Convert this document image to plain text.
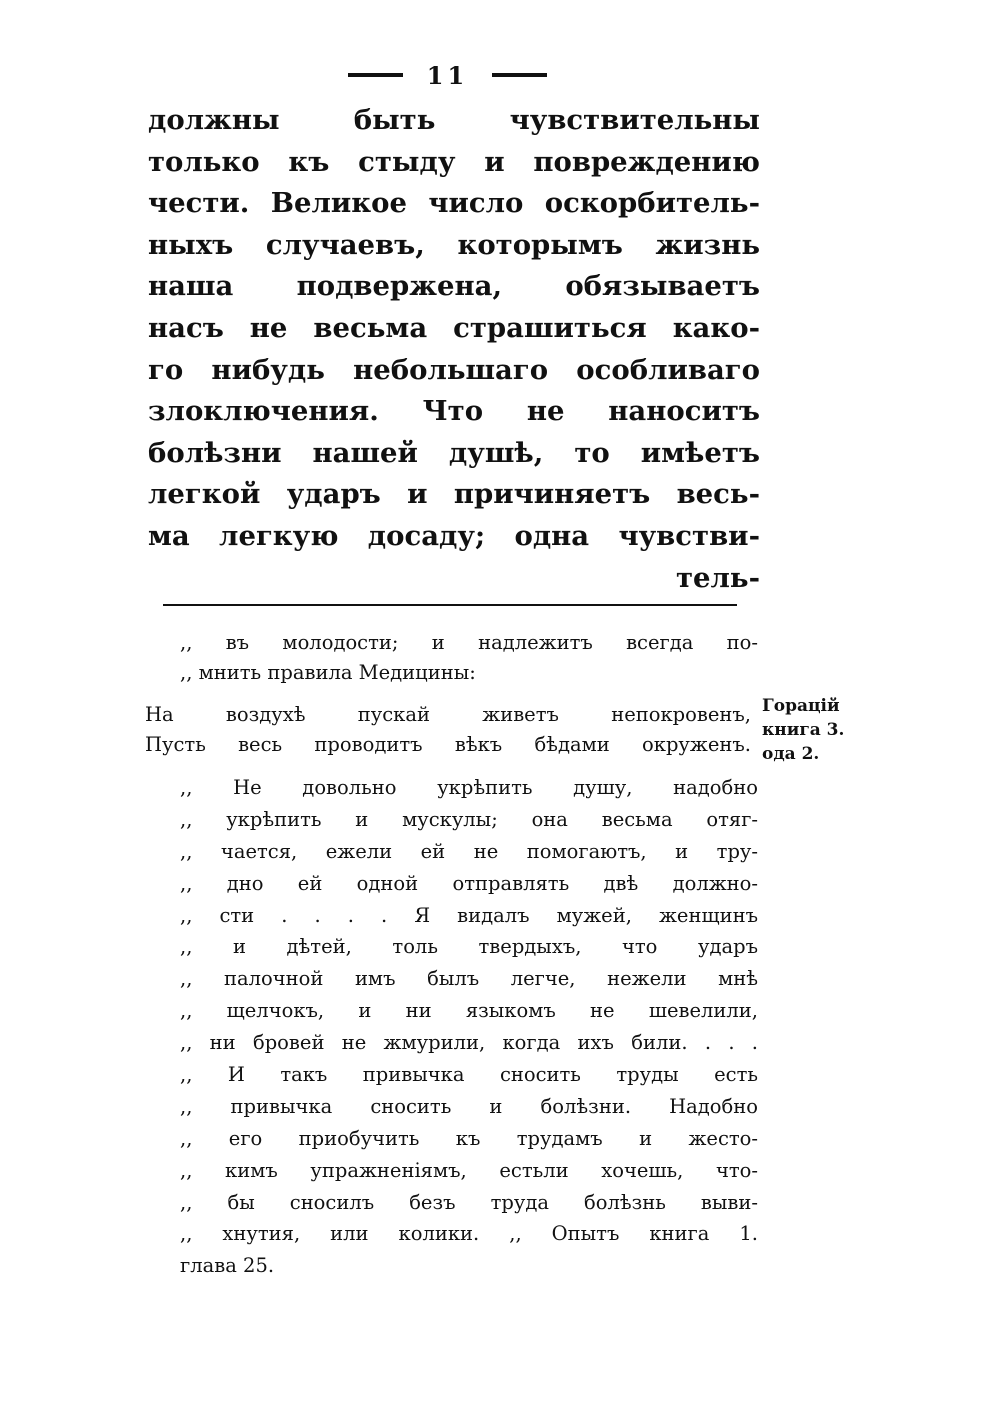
11
должны быть чувствительны
только къ стыду и повреждению
чести. Великое число оскорбитель-
ныхъ случаевъ, которымъ жизнь
наша подвержена, обязываетъ
насъ не весьма страшиться како-
го нибудь небольшаго особливаго
злоключения. Что не наноситъ
болѣзни нашей душѣ, то имѣетъ
легкой ударъ и причиняетъ весь-
ма легкую досаду; одна чувстви-
тель-
,, въ молодости; и надлежитъ всегда по-
,, мнить правила Медицины:
На воздухѣ пускай живетъ непокровенъ,
Пусть весь проводитъ вѣкъ бѣдами окруженъ.
Горацій
книга 3.
ода 2.
,, Не довольно укрѣпить душу, надобно
,, укрѣпить и мускулы; она весьма отяг-
,, чается, ежели ей не помогаютъ, и тру-
,, дно ей одной отправлять двѣ должно-
,, сти . . . . Я видалъ мужей, женщинъ
,, и дѣтей, толь твердыхъ, что ударъ
,, палочной имъ былъ легче, нежели мнѣ
,, щелчокъ, и ни языкомъ не шевелили,
,, ни бровей не жмурили, когда ихъ били. . . .
,, И такъ привычка сносить труды есть
,, привычка сносить и болѣзни. Надобно
,, его приобучить къ трудамъ и жесто-
,, кимъ упражненіямъ, естьли хочешь, что-
,, бы сносилъ безъ труда болѣзнь выви-
,, хнутия, или колики. ,, Опытъ книга 1.
глава 25.
